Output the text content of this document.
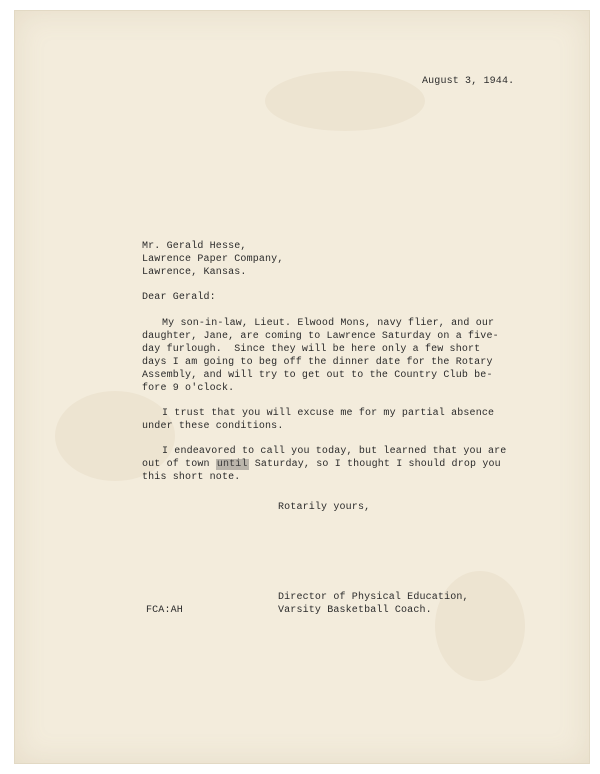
August 3, 1944.
Mr. Gerald Hesse,
Lawrence Paper Company,
Lawrence, Kansas.
Dear Gerald:
My son-in-law, Lieut. Elwood Mons, navy flier, and our
daughter, Jane, are coming to Lawrence Saturday on a five-
day furlough.  Since they will be here only a few short
days I am going to beg off the dinner date for the Rotary
Assembly, and will try to get out to the Country Club be-
fore 9 o'clock.
I trust that you will excuse me for my partial absence
under these conditions.
I endeavored to call you today, but learned that you are
out of town until Saturday, so I thought I should drop you
this short note.
Rotarily yours,
Director of Physical Education,
Varsity Basketball Coach.
FCA:AH
